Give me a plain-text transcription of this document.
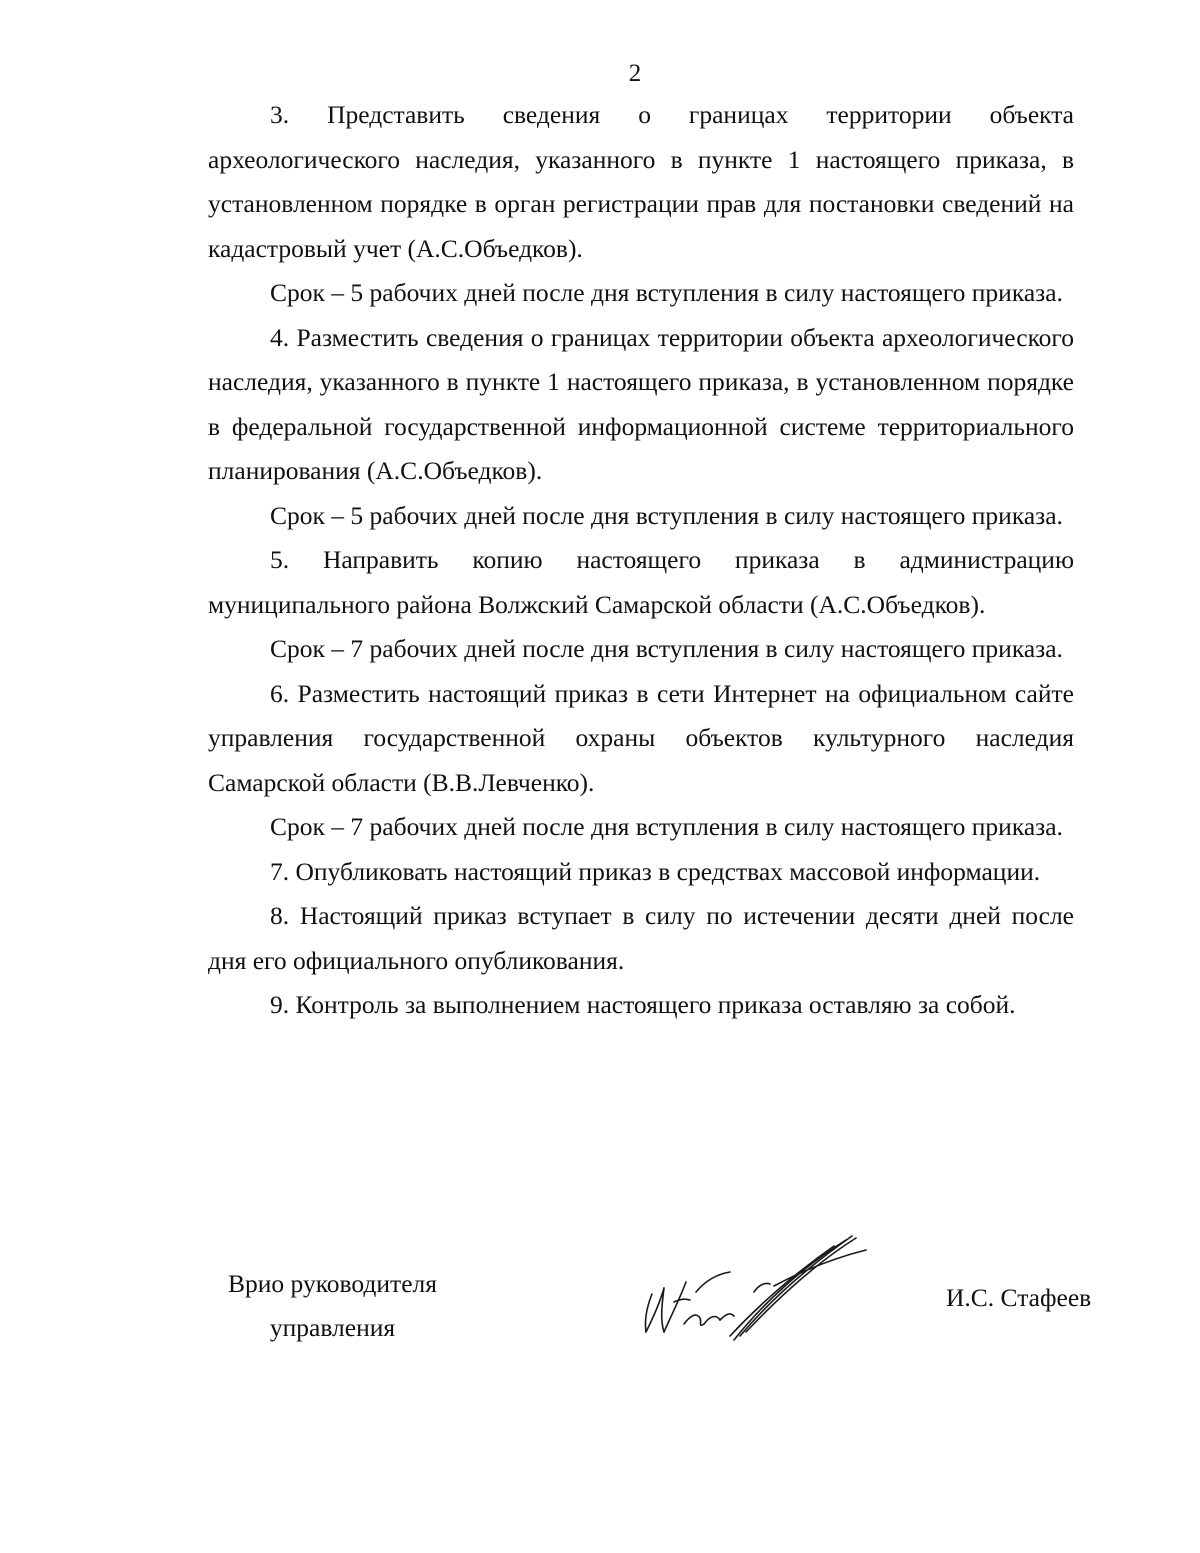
2

3. Представить сведения о границах территории объекта археологического наследия, указанного в пункте 1 настоящего приказа, в установленном порядке в орган регистрации прав для постановки сведений на кадастровый учет (А.С.Объедков).

Срок – 5 рабочих дней после дня вступления в силу настоящего приказа.

4. Разместить сведения о границах территории объекта археологического наследия, указанного в пункте 1 настоящего приказа, в установленном порядке в федеральной государственной информационной системе территориального планирования (А.С.Объедков).

Срок – 5 рабочих дней после дня вступления в силу настоящего приказа.

5. Направить копию настоящего приказа в администрацию муниципального района Волжский Самарской области (А.С.Объедков).

Срок – 7 рабочих дней после дня вступления в силу настоящего приказа.

6. Разместить настоящий приказ в сети Интернет на официальном сайте управления государственной охраны объектов культурного наследия Самарской области (В.В.Левченко).

Срок – 7 рабочих дней после дня вступления в силу настоящего приказа.

7. Опубликовать настоящий приказ в средствах массовой информации.

8. Настоящий приказ вступает в силу по истечении десяти дней после дня его официального опубликования.

9. Контроль за выполнением настоящего приказа оставляю за собой.

Врио руководителя
управления
И.С. Стафеев
